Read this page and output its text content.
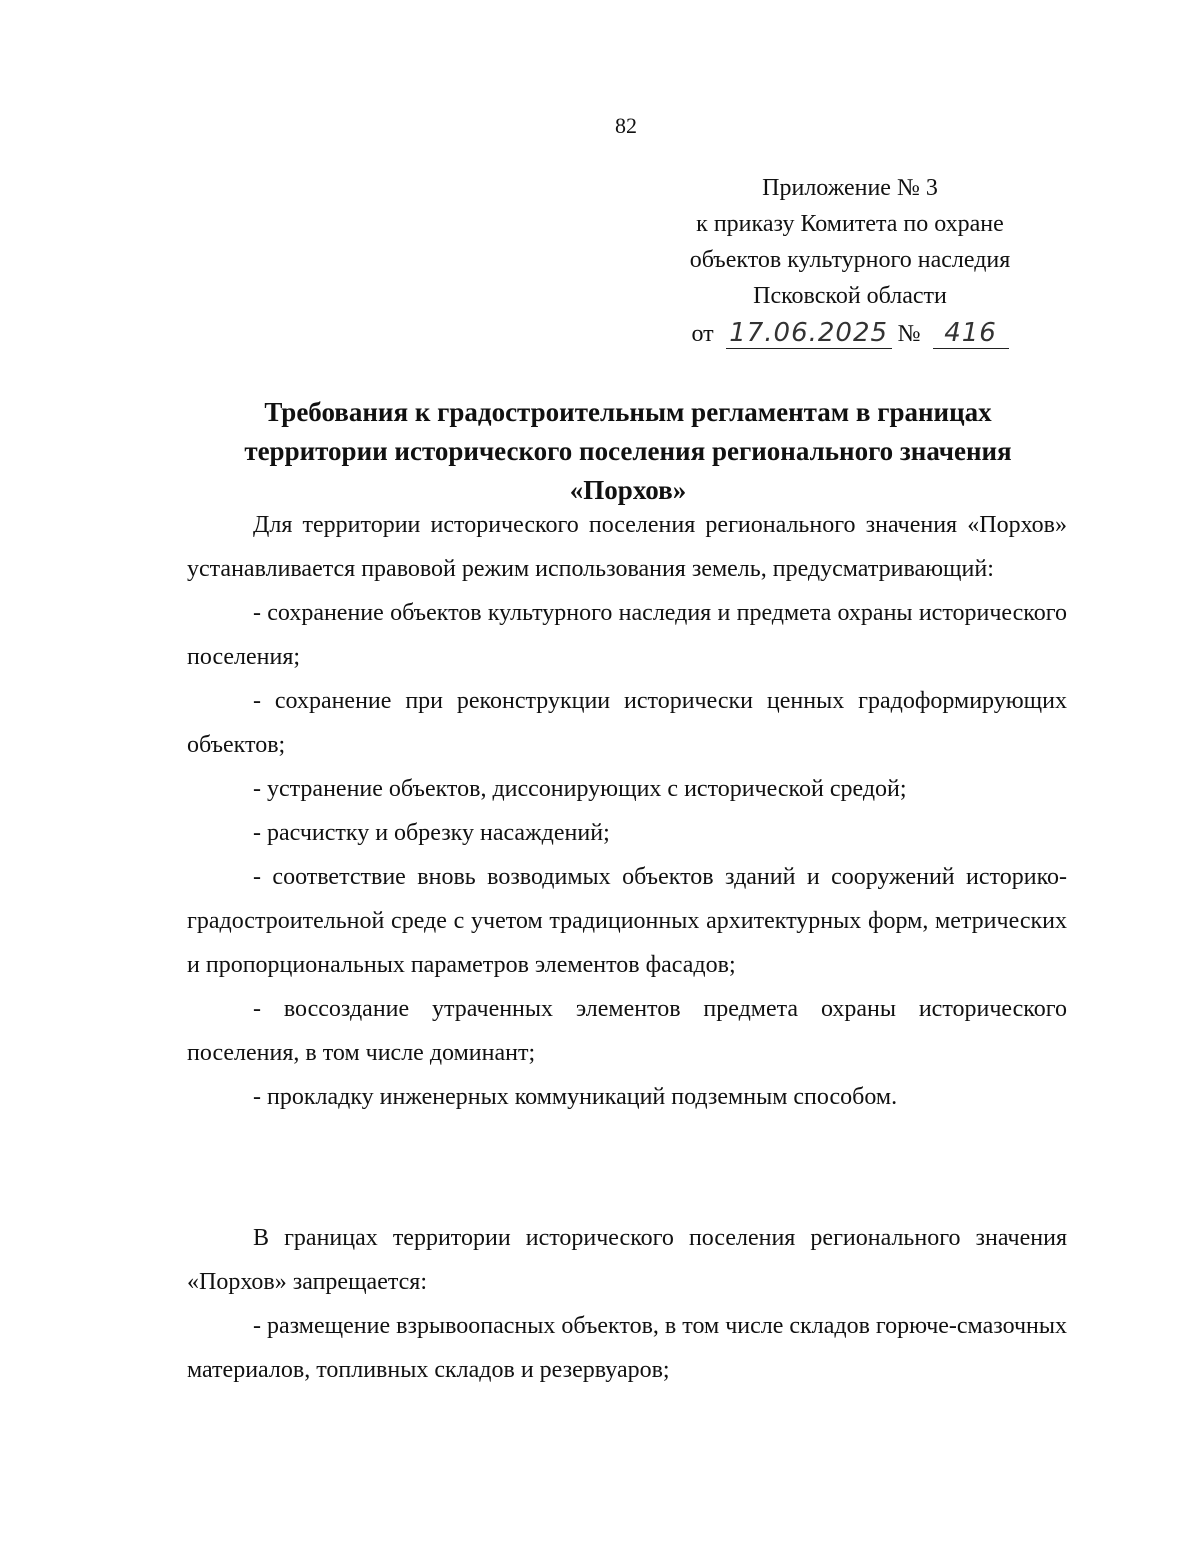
82
Приложение № 3
к приказу Комитета по охране
объектов культурного наследия
Псковской области
от 17.06.2025 № 416
Требования к градостроительным регламентам в границах
территории исторического поселения регионального значения
«Порхов»

Для территории исторического поселения регионального значения «Порхов» устанавливается правовой режим использования земель, предусматривающий:

- сохранение объектов культурного наследия и предмета охраны исторического поселения;

- сохранение при реконструкции исторически ценных градоформирующих объектов;

- устранение объектов, диссонирующих с исторической средой;

- расчистку и обрезку насаждений;

- соответствие вновь возводимых объектов зданий и сооружений историко-градостроительной среде с учетом традиционных архитектурных форм, метрических и пропорциональных параметров элементов фасадов;

- воссоздание утраченных элементов предмета охраны исторического поселения, в том числе доминант;

- прокладку инженерных коммуникаций подземным способом.

В границах территории исторического поселения регионального значения «Порхов» запрещается:

- размещение взрывоопасных объектов, в том числе складов горюче-смазочных материалов, топливных складов и резервуаров;
